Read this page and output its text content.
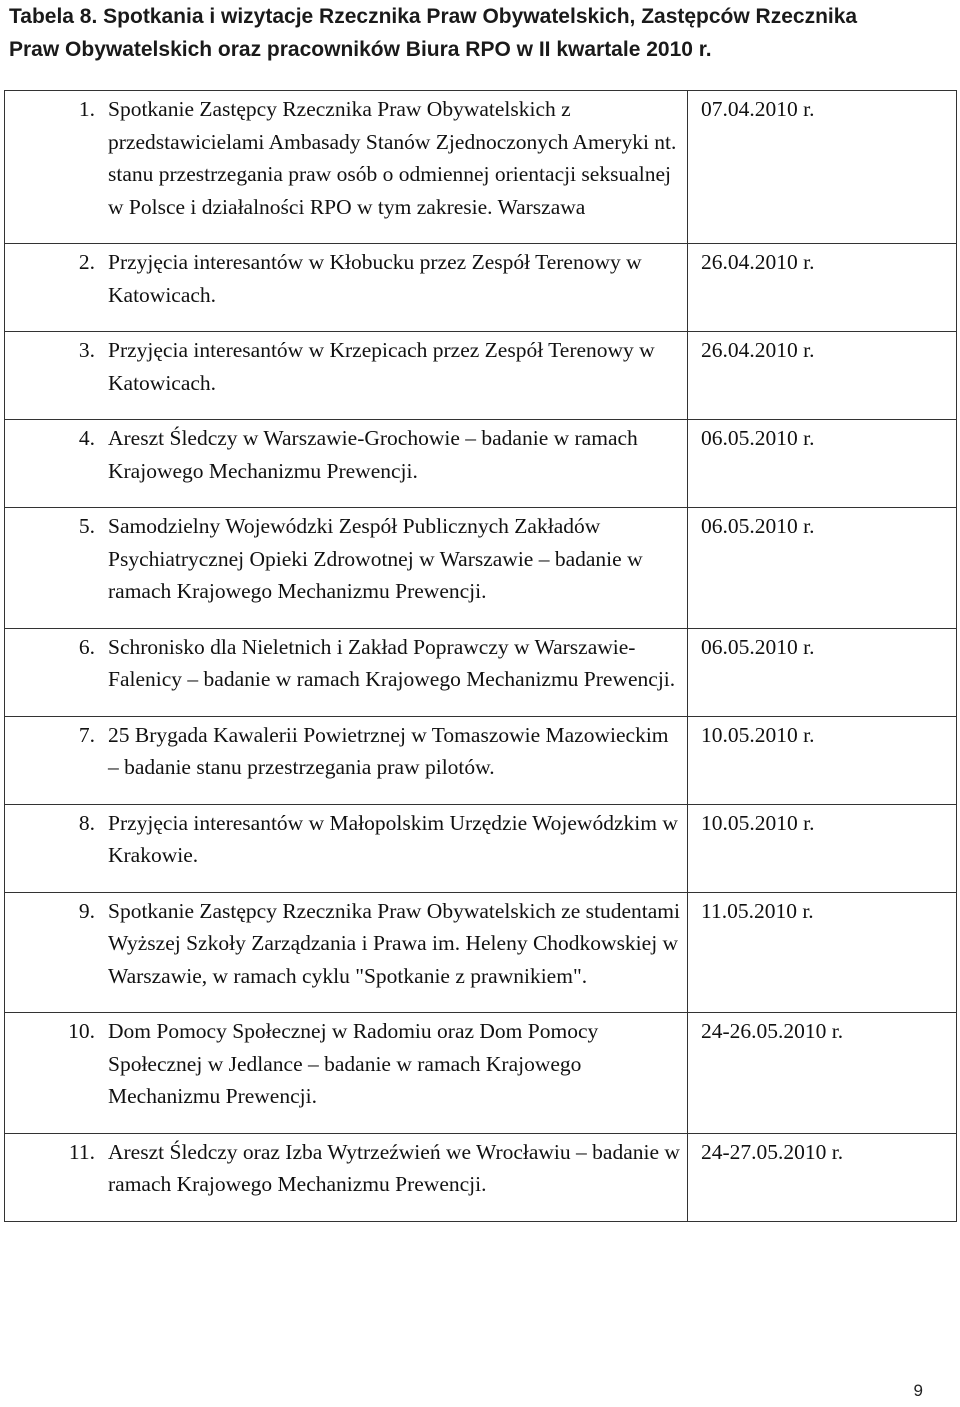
Tabela 8. Spotkania i wizytacje Rzecznika Praw Obywatelskich, Zastępców Rzecznika
Praw Obywatelskich oraz pracowników Biura RPO w II kwartale 2010 r.
1.	Spotkanie Zastępcy Rzecznika Praw Obywatelskich z przedstawicielami Ambasady Stanów Zjednoczonych Ameryki nt. stanu przestrzegania praw osób o odmiennej orientacji seksualnej w Polsce i działalności RPO w tym zakresie. Warszawa	07.04.2010 r.
2.	Przyjęcia interesantów w Kłobucku przez Zespół Terenowy w Katowicach.	26.04.2010 r.
3.	Przyjęcia interesantów w Krzepicach przez Zespół Terenowy w Katowicach.	26.04.2010 r.
4.	Areszt Śledczy w Warszawie-Grochowie – badanie w ramach Krajowego Mechanizmu Prewencji.	06.05.2010 r.
5.	Samodzielny Wojewódzki Zespół Publicznych Zakładów Psychiatrycznej Opieki Zdrowotnej w Warszawie – badanie w ramach Krajowego Mechanizmu Prewencji.	06.05.2010 r.
6.	Schronisko dla Nieletnich i Zakład Poprawczy w Warszawie-Falenicy – badanie w ramach Krajowego Mechanizmu Prewencji.	06.05.2010 r.
7.	25 Brygada Kawalerii Powietrznej w Tomaszowie Mazowieckim – badanie stanu przestrzegania praw pilotów.	10.05.2010 r.
8.	Przyjęcia interesantów w Małopolskim Urzędzie Wojewódzkim w Krakowie.	10.05.2010 r.
9.	Spotkanie Zastępcy Rzecznika Praw Obywatelskich ze studentami Wyższej Szkoły Zarządzania i Prawa im. Heleny Chodkowskiej w Warszawie, w ramach cyklu "Spotkanie z prawnikiem".	11.05.2010 r.
10.	Dom Pomocy Społecznej w Radomiu oraz Dom Pomocy Społecznej w Jedlance – badanie w ramach Krajowego Mechanizmu Prewencji.	24-26.05.2010 r.
11.	Areszt Śledczy oraz Izba Wytrzeźwień we Wrocławiu – badanie w ramach Krajowego Mechanizmu Prewencji.	24-27.05.2010 r.
9
